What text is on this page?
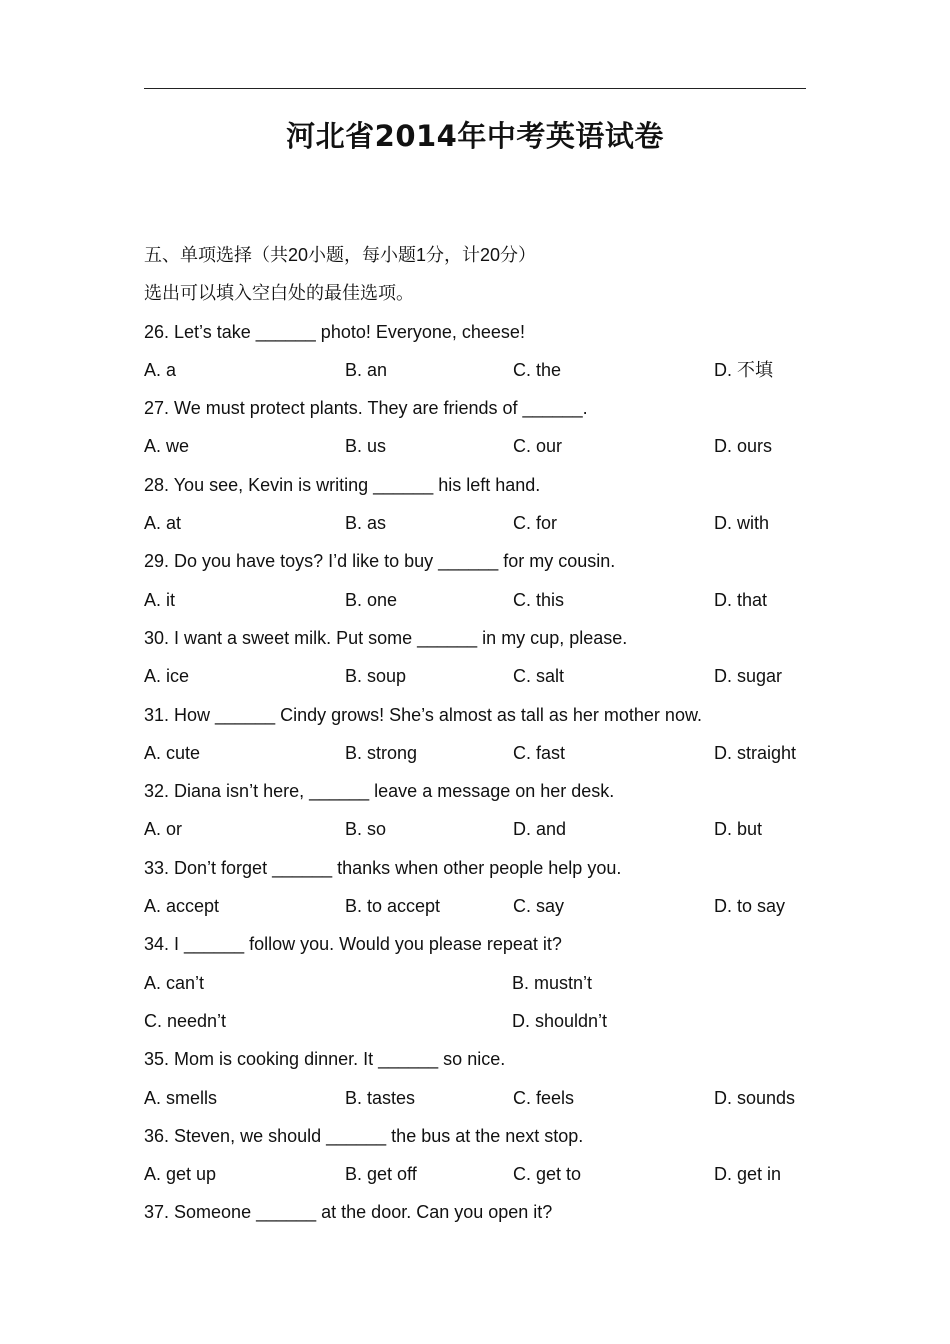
河北省2014年中考英语试卷
五、单项选择（共20小题，每小题1分，计20分）
选出可以填入空白处的最佳选项。
26. Let’s take ______ photo! Everyone, cheese!
A. a	B. an	C. the	D. 不填
27. We must protect plants. They are friends of ______.
A. we	B. us	C. our	D. ours
28. You see, Kevin is writing ______ his left hand.
A. at	B. as	C. for	D. with
29. Do you have toys? I’d like to buy ______ for my cousin.
A. it	B. one	C. this	D. that
30. I want a sweet milk. Put some ______ in my cup, please.
A. ice	B. soup	C. salt	D. sugar
31. How ______ Cindy grows! She’s almost as tall as her mother now.
A. cute	B. strong	C. fast	D. straight
32. Diana isn’t here, ______ leave a message on her desk.
A. or	B. so	D. and	D. but
33. Don’t forget ______ thanks when other people help you.
A. accept	B. to accept	C. say	D. to say
34. I ______ follow you. Would you please repeat it?
A. can’t	B. mustn’t
C. needn’t	D. shouldn’t
35. Mom is cooking dinner. It ______ so nice.
A. smells	B. tastes	C. feels	D. sounds
36. Steven, we should ______ the bus at the next stop.
A. get up	B. get off	C. get to	D. get in
37. Someone ______ at the door. Can you open it?
